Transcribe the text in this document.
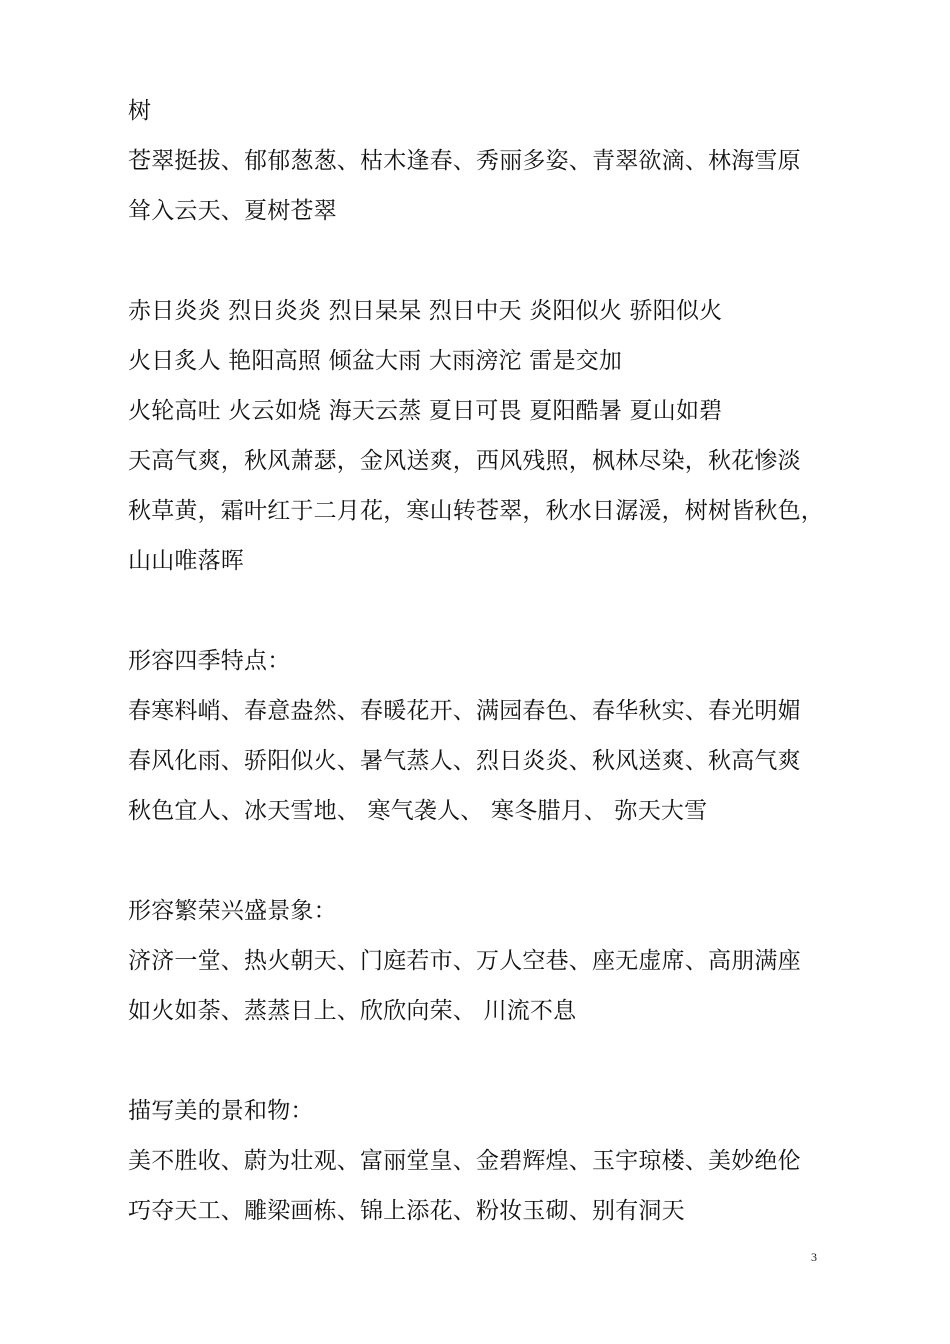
树
苍翠挺拔、郁郁葱葱、枯木逢春、秀丽多姿、青翠欲滴、林海雪原
耸入云天、夏树苍翠
赤日炎炎 烈日炎炎 烈日杲杲 烈日中天 炎阳似火 骄阳似火
火日炙人 艳阳高照 倾盆大雨 大雨滂沱 雷是交加
火轮高吐 火云如烧 海天云蒸 夏日可畏 夏阳酷暑 夏山如碧
天高气爽，秋风萧瑟，金风送爽，西风残照，枫林尽染，秋花惨淡
秋草黄，霜叶红于二月花，寒山转苍翠，秋水日潺湲，树树皆秋色，
山山唯落晖
形容四季特点：
春寒料峭、春意盎然、春暖花开、满园春色、春华秋实、春光明媚
春风化雨、骄阳似火、暑气蒸人、烈日炎炎、秋风送爽、秋高气爽
秋色宜人、冰天雪地、 寒气袭人、 寒冬腊月、 弥天大雪
形容繁荣兴盛景象：
济济一堂、热火朝天、门庭若市、万人空巷、座无虚席、高朋满座
如火如荼、蒸蒸日上、欣欣向荣、 川流不息
描写美的景和物：
美不胜收、蔚为壮观、富丽堂皇、金碧辉煌、玉宇琼楼、美妙绝伦
巧夺天工、雕梁画栋、锦上添花、粉妆玉砌、别有洞天
3
